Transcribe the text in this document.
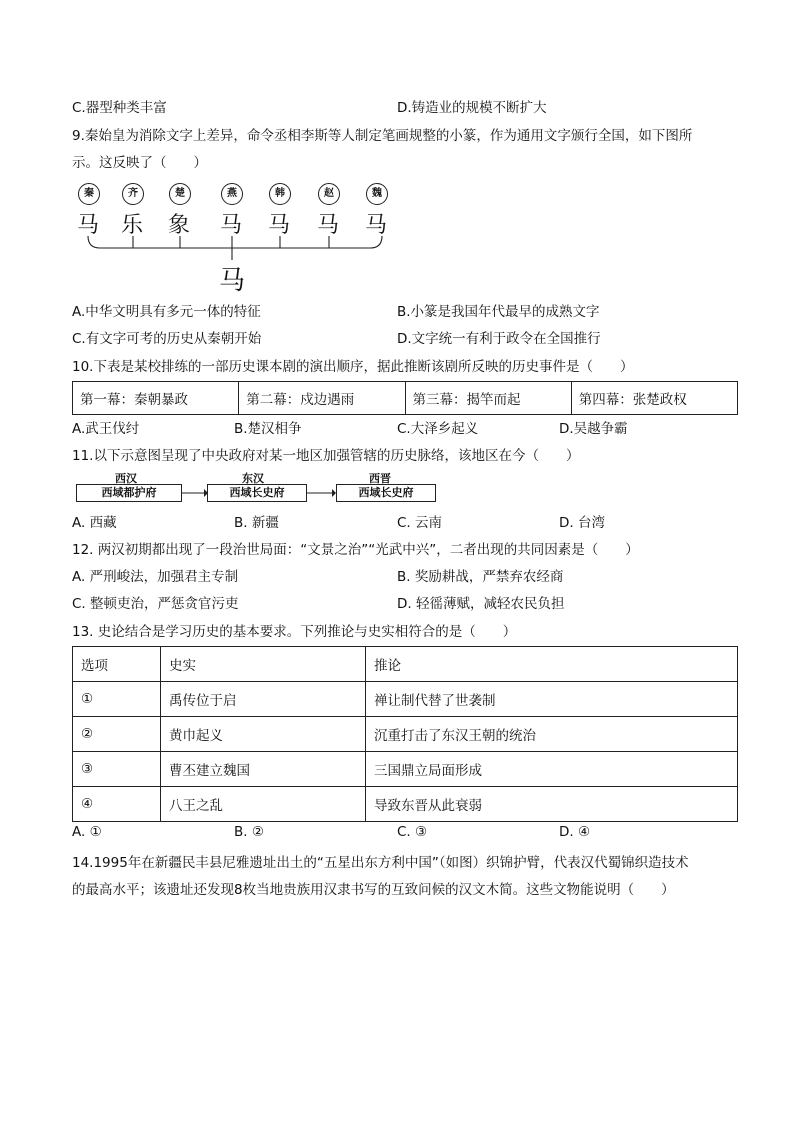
C.器型种类丰富	D.铸造业的规模不断扩大
9.秦始皇为消除文字上差异，命令丞相李斯等人制定笔画规整的小篆，作为通用文字颁行全国，如下图所
示。这反映了（　　）
秦	齐	楚	燕	韩	赵	魏
马 乐 象 马 马 马 马
马
A.中华文明具有多元一体的特征	B.小篆是我国年代最早的成熟文字
C.有文字可考的历史从秦朝开始	D.文字统一有利于政令在全国推行
10.下表是某校排练的一部历史课本剧的演出顺序，据此推断该剧所反映的历史事件是（　　）
第一幕：秦朝暴政	第二幕：戍边遇雨	第三幕：揭竿而起	第四幕：张楚政权
A.武王伐纣	B.楚汉相争	C.大泽乡起义	D.吴越争霸
11.以下示意图呈现了中央政府对某一地区加强管辖的历史脉络，该地区在今（　　）
西汉	东汉	西晋
西域都护府	西域长史府	西域长史府
A. 西藏	B. 新疆	C. 云南	D. 台湾
12. 两汉初期都出现了一段治世局面：“文景之治”“光武中兴”，二者出现的共同因素是（　　）
A. 严刑峻法，加强君主专制	B. 奖励耕战，严禁弃农经商
C. 整顿吏治，严惩贪官污吏	D. 轻徭薄赋，减轻农民负担
13. 史论结合是学习历史的基本要求。下列推论与史实相符合的是（　　）
选项	史实	推论
①	禹传位于启	禅让制代替了世袭制
②	黄巾起义	沉重打击了东汉王朝的统治
③	曹丕建立魏国	三国鼎立局面形成
④	八王之乱	导致东晋从此衰弱
A. ①	B. ②	C. ③	D. ④
14.1995年在新疆民丰县尼雅遗址出土的“五星出东方利中国”（如图）织锦护臂，代表汉代蜀锦织造技术
的最高水平；该遗址还发现8枚当地贵族用汉隶书写的互致问候的汉文木简。这些文物能说明（　　）
